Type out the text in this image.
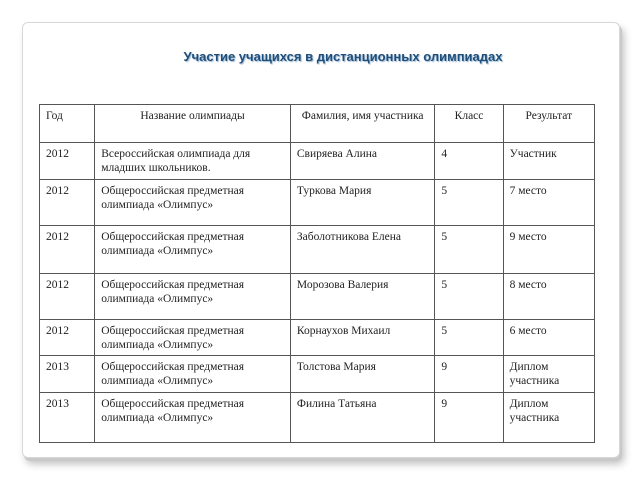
Участие учащихся в дистанционных олимпиадах
Год	Название олимпиады	Фамилия, имя участника	Класс	Результат
2012	Всероссийская олимпиада для младших школьников.	Свиряева Алина	4	Участник
2012	Общероссийская предметная олимпиада «Олимпус»	Туркова Мария	5	7 место
2012	Общероссийская предметная олимпиада «Олимпус»	Заболотникова Елена	5	9 место
2012	Общероссийская предметная олимпиада «Олимпус»	Морозова Валерия	5	8 место
2012	Общероссийская предметная олимпиада «Олимпус»	Корнаухов Михаил	5	6 место
2013	Общероссийская предметная олимпиада «Олимпус»	Толстова Мария	9	Диплом участника
2013	Общероссийская предметная олимпиада «Олимпус»	Филина Татьяна	9	Диплом участника
